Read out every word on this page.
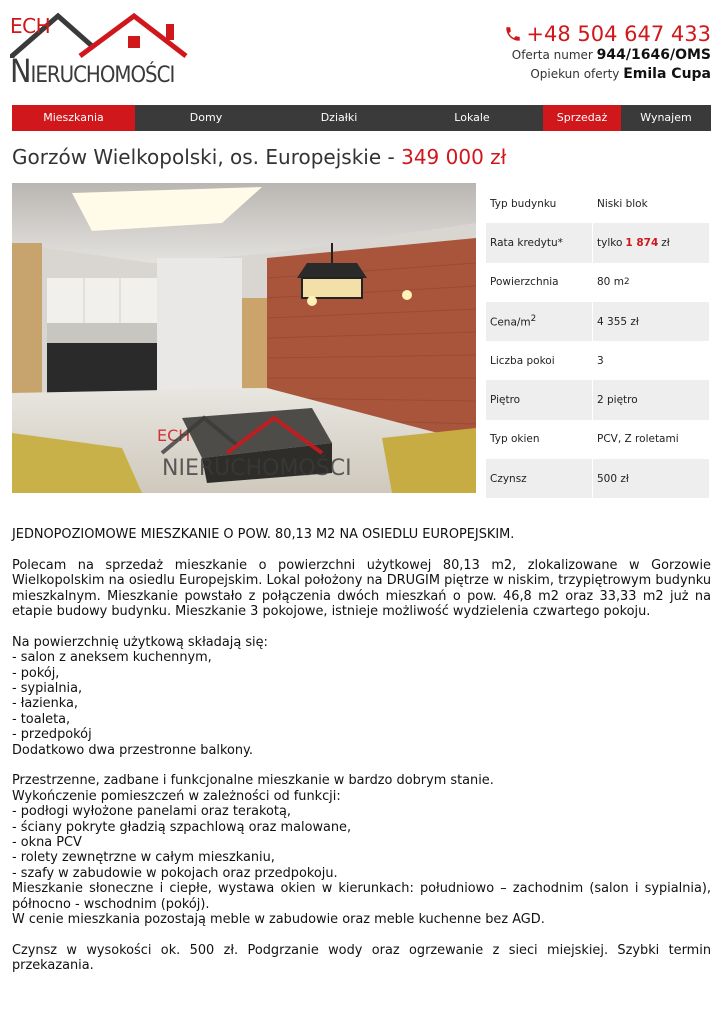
ECH
NIERUCHOMOŚCI
+48 504 647 433
Oferta numer 944/1646/OMS
Opiekun oferty Emila Cupa
Mieszkania	Domy	Działki	Lokale	Sprzedaż	Wynajem
Gorzów Wielkopolski, os. Europejskie - 349 000 zł
ECH
NIERUCHOMOŚCI
Typ budynku	Niski blok
Rata kredytu*	tylko 1 874 zł
Powierzchnia	80 m 2
Cena/$m^2$	4 355 zł
Liczba pokoi	3
Piętro	2 piętro
Typ okien	PCV, Z roletami
Czynsz	500 zł

JEDNOPOZIOMOWE MIESZKANIE O POW. 80,13 M2 NA OSIEDLU EUROPEJSKIM.

Polecam na sprzedaż mieszkanie o powierzchni użytkowej 80,13 m2, zlokalizowane w Gorzowie Wielkopolskim na osiedlu Europejskim. Lokal położony na DRUGIM piętrze w niskim, trzypiętrowym budynku mieszkalnym. Mieszkanie powstało z połączenia dwóch mieszkań o pow. 46,8 m2 oraz 33,33 m2 już na etapie budowy budynku. Mieszkanie 3 pokojowe, istnieje możliwość wydzielenia czwartego pokoju.

Na powierzchnię użytkową składają się:

- salon z aneksem kuchennym,

- pokój,

- sypialnia,

- łazienka,

- toaleta,

- przedpokój

Dodatkowo dwa przestronne balkony.

Przestrzenne, zadbane i funkcjonalne mieszkanie w bardzo dobrym stanie.

Wykończenie pomieszczeń w zależności od funkcji:

- podłogi wyłożone panelami oraz terakotą,

- ściany pokryte gładzią szpachlową oraz malowane,

- okna PCV

- rolety zewnętrzne w całym mieszkaniu,

- szafy w zabudowie w pokojach oraz przedpokoju.

Mieszkanie słoneczne i ciepłe, wystawa okien w kierunkach: południowo – zachodnim (salon i sypialnia), północno - wschodnim (pokój).

W cenie mieszkania pozostają meble w zabudowie oraz meble kuchenne bez AGD.

Czynsz w wysokości ok. 500 zł. Podgrzanie wody oraz ogrzewanie z sieci miejskiej. Szybki termin przekazania.
